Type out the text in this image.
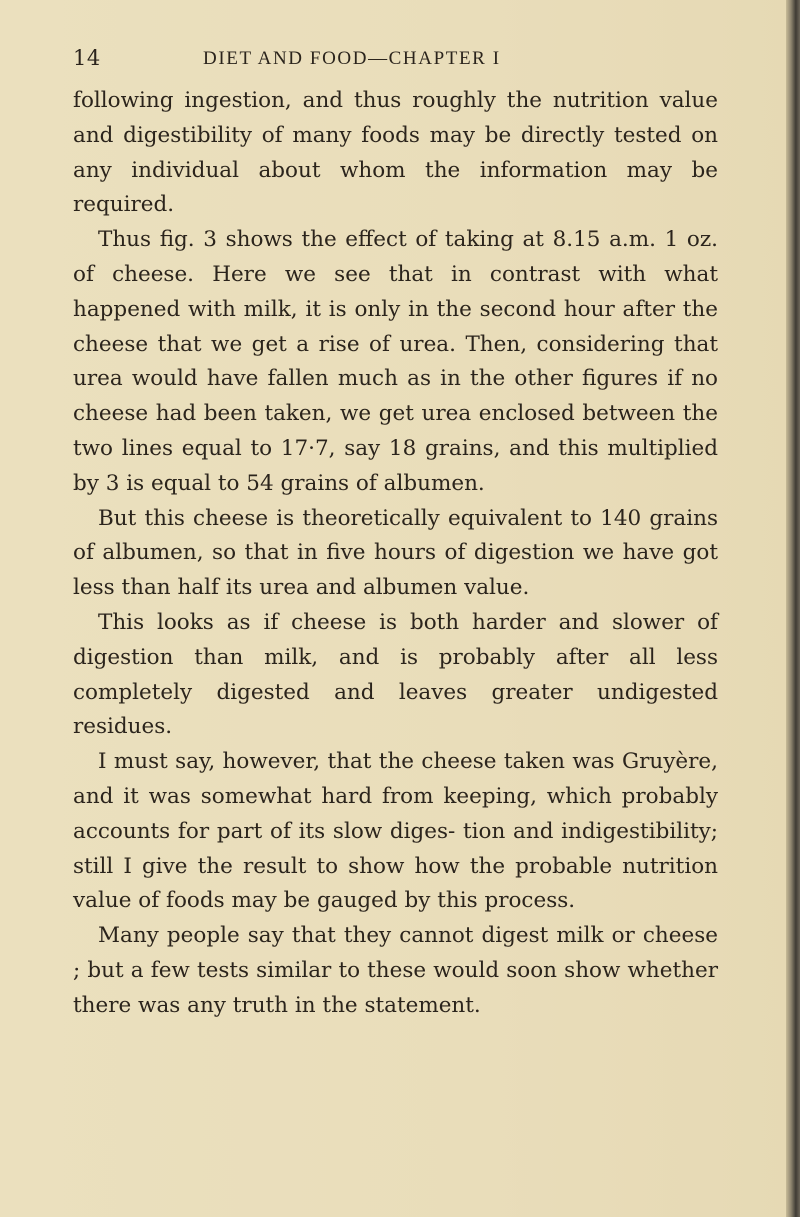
14	DIET AND FOOD—CHAPTER I

following ingestion, and thus roughly the nutrition value and digestibility of many foods may be directly tested on any individual about whom the information may be required.

Thus fig. 3 shows the effect of taking at 8.15 a.m. 1 oz. of cheese. Here we see that in contrast with what happened with milk, it is only in the second hour after the cheese that we get a rise of urea. Then, considering that urea would have fallen much as in the other figures if no cheese had been taken, we get urea enclosed between the two lines equal to 17·7, say 18 grains, and this multiplied by 3 is equal to 54 grains of albumen.

But this cheese is theoretically equivalent to 140 grains of albumen, so that in five hours of digestion we have got less than half its urea and albumen value.

This looks as if cheese is both harder and slower of digestion than milk, and is probably after all less completely digested and leaves greater undigested residues.

I must say, however, that the cheese taken was Gruyère, and it was somewhat hard from keeping, which probably accounts for part of its slow diges- tion and indigestibility; still I give the result to show how the probable nutrition value of foods may be gauged by this process.

Many people say that they cannot digest milk or cheese ; but a few tests similar to these would soon show whether there was any truth in the statement.
